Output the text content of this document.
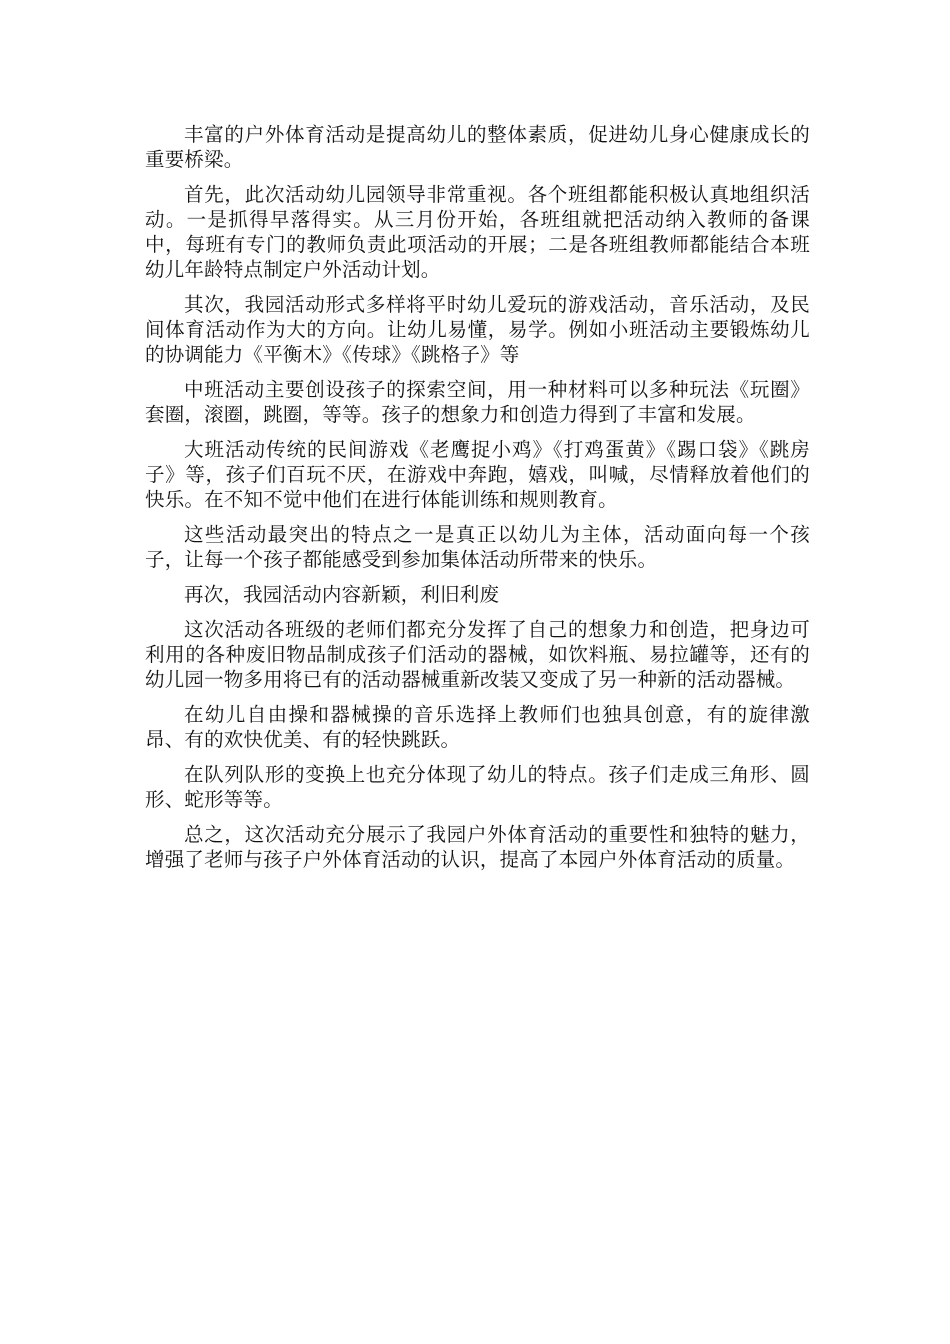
丰富的户外体育活动是提高幼儿的整体素质，促进幼儿身心健康成长的重要桥梁。

首先，此次活动幼儿园领导非常重视。各个班组都能积极认真地组织活动。一是抓得早落得实。从三月份开始，各班组就把活动纳入教师的备课中，每班有专门的教师负责此项活动的开展；二是各班组教师都能结合本班幼儿年龄特点制定户外活动计划。

其次，我园活动形式多样将平时幼儿爱玩的游戏活动，音乐活动，及民间体育活动作为大的方向。让幼儿易懂，易学。例如小班活动主要锻炼幼儿的协调能力《平衡木》《传球》《跳格子》等

中班活动主要创设孩子的探索空间，用一种材料可以多种玩法《玩圈》套圈，滚圈，跳圈，等等。孩子的想象力和创造力得到了丰富和发展。

大班活动传统的民间游戏《老鹰捉小鸡》《打鸡蛋黄》《踢口袋》《跳房子》等，孩子们百玩不厌，在游戏中奔跑，嬉戏，叫喊，尽情释放着他们的快乐。在不知不觉中他们在进行体能训练和规则教育。

这些活动最突出的特点之一是真正以幼儿为主体，活动面向每一个孩子，让每一个孩子都能感受到参加集体活动所带来的快乐。

再次，我园活动内容新颖，利旧利废

这次活动各班级的老师们都充分发挥了自己的想象力和创造，把身边可利用的各种废旧物品制成孩子们活动的器械，如饮料瓶、易拉罐等，还有的幼儿园一物多用将已有的活动器械重新改装又变成了另一种新的活动器械。

在幼儿自由操和器械操的音乐选择上教师们也独具创意，有的旋律激昂、有的欢快优美、有的轻快跳跃。

在队列队形的变换上也充分体现了幼儿的特点。孩子们走成三角形、圆形、蛇形等等。

总之，这次活动充分展示了我园户外体育活动的重要性和独特的魅力，增强了老师与孩子户外体育活动的认识，提高了本园户外体育活动的质量。
